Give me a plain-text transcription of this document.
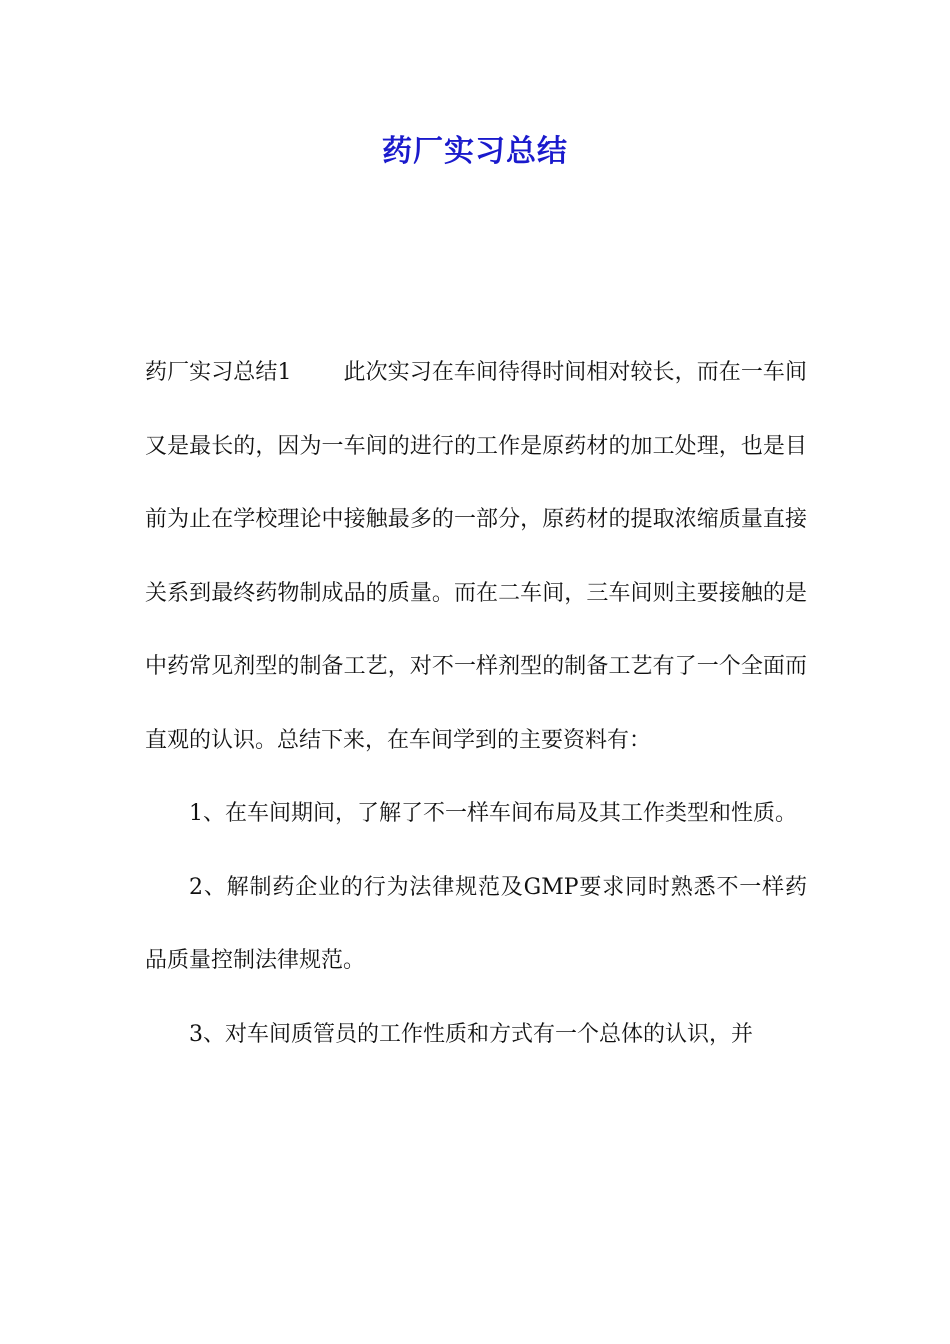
药厂实习总结

药厂实习总结1 此次实习在车间待得时间相对较长，而在一车间又是最长的，因为一车间的进行的工作是原药材的加工处理，也是目前为止在学校理论中接触最多的一部分，原药材的提取浓缩质量直接关系到最终药物制成品的质量。而在二车间，三车间则主要接触的是中药常见剂型的制备工艺，对不一样剂型的制备工艺有了一个全面而直观的认识。总结下来，在车间学到的主要资料有：

1、在车间期间，了解了不一样车间布局及其工作类型和性质。

2、解制药企业的行为法律规范及GMP要求同时熟悉不一样药品质量控制法律规范。

3、对车间质管员的工作性质和方式有一个总体的认识，并
